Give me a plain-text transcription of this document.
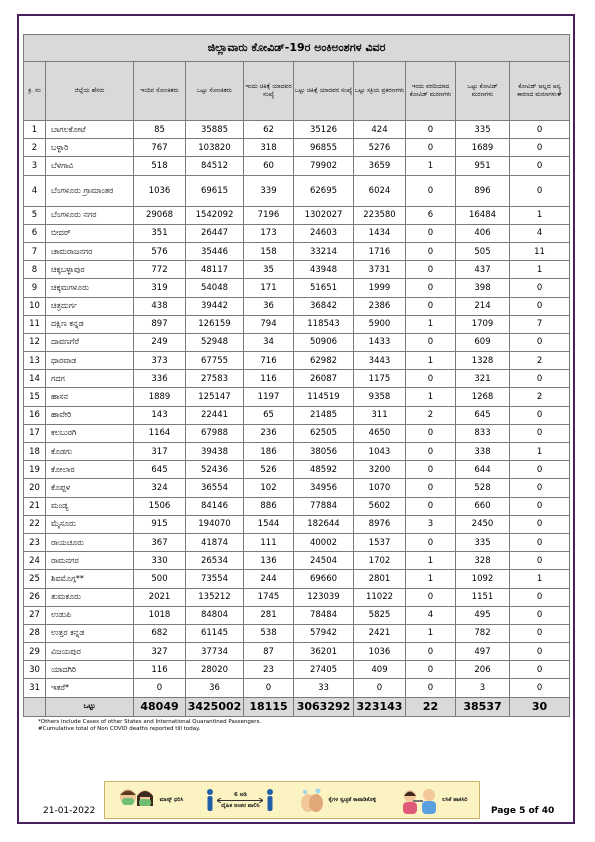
ಜಿಲ್ಲಾವಾರು ಕೋವಿಡ್-19ರ ಅಂಕಿಅಂಶಗಳ ವಿವರ									
ಕ್ರ. ಸಂ	ಜಿಲ್ಲೆಯ ಹೆಸರು	ಇಂದಿನ ಸೋಂಕಿತರು	ಒಟ್ಟು ಸೋಂಕಿತರು	ಇಂದು ಚಿಕಿತ್ಸೆ ಯಾದವರ ಸಂಖ್ಯೆ	ಒಟ್ಟು ಚಿಕಿತ್ಸೆ ಯಾದವರ ಸಂಖ್ಯೆ	ಒಟ್ಟು ಸಕ್ರಿಯ ಪ್ರಕರಣಗಳು	ಇಂದು ವರದಿಯಾದ ಕೋವಿಡ್ ಮರಣಗಳು	ಒಟ್ಟು ಕೋವಿಡ್ ಮರಣಗಳು	ಕೋವಿಡ್ ಅಲ್ಲದ ಅನ್ಯ ಕಾರಣದ ಮರಣಗಳು#
1	ಬಾಗಲಕೋಟೆ	85	35885	62	35126	424	0	335	0
2	ಬಳ್ಳಾರಿ	767	103820	318	96855	5276	0	1689	0
3	ಬೆಳಗಾವಿ	518	84512	60	79902	3659	1	951	0
4	ಬೆಂಗಳೂರು ಗ್ರಾಮಾಂತರ	1036	69615	339	62695	6024	0	896	0
5	ಬೆಂಗಳೂರು ನಗರ	29068	1542092	7196	1302027	223580	6	16484	1
6	ಬೀದರ್	351	26447	173	24603	1434	0	406	4
7	ಚಾಮರಾಜನಗರ	576	35446	158	33214	1716	0	505	11
8	ಚಿಕ್ಕಬಳ್ಳಾಪುರ	772	48117	35	43948	3731	0	437	1
9	ಚಿಕ್ಕಮಗಳೂರು	319	54048	171	51651	1999	0	398	0
10	ಚಿತ್ರದುರ್ಗ	438	39442	36	36842	2386	0	214	0
11	ದಕ್ಷಿಣ ಕನ್ನಡ	897	126159	794	118543	5900	1	1709	7
12	ದಾವಣಗೆರೆ	249	52948	34	50906	1433	0	609	0
13	ಧಾರವಾಡ	373	67755	716	62982	3443	1	1328	2
14	ಗದಗ	336	27583	116	26087	1175	0	321	0
15	ಹಾಸನ	1889	125147	1197	114519	9358	1	1268	2
16	ಹಾವೇರಿ	143	22441	65	21485	311	2	645	0
17	ಕಲಬುರಗಿ	1164	67988	236	62505	4650	0	833	0
18	ಕೊಡಗು	317	39438	186	38056	1043	0	338	1
19	ಕೋಲಾರ	645	52436	526	48592	3200	0	644	0
20	ಕೊಪ್ಪಳ	324	36554	102	34956	1070	0	528	0
21	ಮಂಡ್ಯ	1506	84146	886	77884	5602	0	660	0
22	ಮೈಸೂರು	915	194070	1544	182644	8976	3	2450	0
23	ರಾಯಚೂರು	367	41874	111	40002	1537	0	335	0
24	ರಾಮನಗರ	330	26534	136	24504	1702	1	328	0
25	ಶಿವಮೊಗ್ಗ**	500	73554	244	69660	2801	1	1092	1
26	ತುಮಕೂರು	2021	135212	1745	123039	11022	0	1151	0
27	ಉಡುಪಿ	1018	84804	281	78484	5825	4	495	0
28	ಉತ್ತರ ಕನ್ನಡ	682	61145	538	57942	2421	1	782	0
29	ವಿಜಯಪುರ	327	37734	87	36201	1036	0	497	0
30	ಯಾದಗಿರಿ	116	28020	23	27405	409	0	206	0
31	ಇತರೆ*	0	36	0	33	0	0	3	0
	ಒಟ್ಟು	48049	3425002	18115	3063292	323143	22	38537	30
*Others include Cases of other States and International Quarantined Passengers.
#Cumulative total of Non COVID deaths reported till today.
ಮಾಸ್ಕ್ ಧರಿಸಿ
6 ಅಡಿ
ದೈಹಿಕ ಅಂತರ ಪಾಲಿಸಿ
ಕೈಗಳ ಸ್ವಚ್ಛತೆ ಕಾಪಾಡಿಕೊಳ್ಳಿ	ಲಸಿಕೆ ಹಾಕಿಸಿರಿ
21-01-2022	Page 5 of 40
